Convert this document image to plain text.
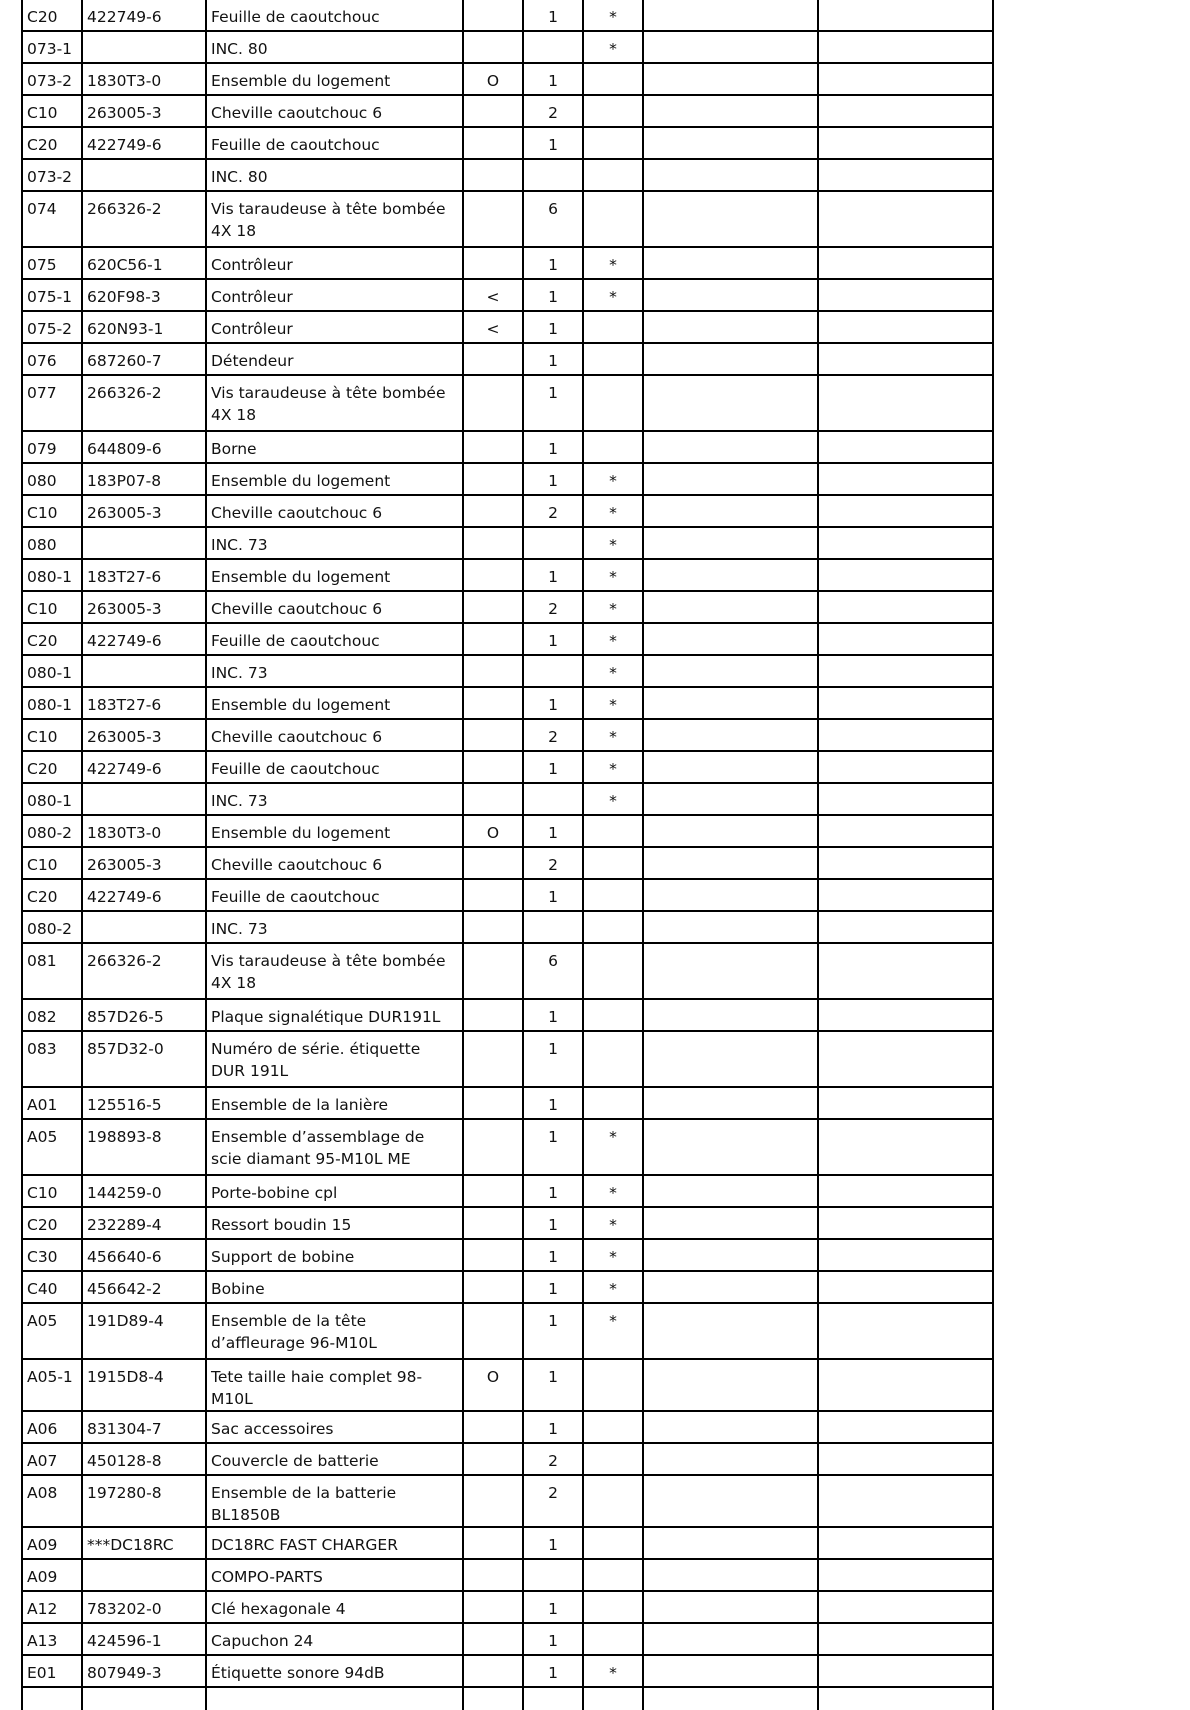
C20	422749-6	Feuille de caoutchouc		1	*		
073-1		INC. 80			*		
073-2	1830T3-0	Ensemble du logement	O	1			
C10	263005-3	Cheville caoutchouc 6		2			
C20	422749-6	Feuille de caoutchouc		1			
073-2		INC. 80					
074	266326-2	Vis taraudeuse à tête bombée 4X 18		6			
075	620C56-1	Contrôleur		1	*		
075-1	620F98-3	Contrôleur	<	1	*		
075-2	620N93-1	Contrôleur	<	1			
076	687260-7	Détendeur		1			
077	266326-2	Vis taraudeuse à tête bombée 4X 18		1			
079	644809-6	Borne		1			
080	183P07-8	Ensemble du logement		1	*		
C10	263005-3	Cheville caoutchouc 6		2	*		
080		INC. 73			*		
080-1	183T27-6	Ensemble du logement		1	*		
C10	263005-3	Cheville caoutchouc 6		2	*		
C20	422749-6	Feuille de caoutchouc		1	*		
080-1		INC. 73			*		
080-1	183T27-6	Ensemble du logement		1	*		
C10	263005-3	Cheville caoutchouc 6		2	*		
C20	422749-6	Feuille de caoutchouc		1	*		
080-1		INC. 73			*		
080-2	1830T3-0	Ensemble du logement	O	1			
C10	263005-3	Cheville caoutchouc 6		2			
C20	422749-6	Feuille de caoutchouc		1			
080-2		INC. 73					
081	266326-2	Vis taraudeuse à tête bombée 4X 18		6			
082	857D26-5	Plaque signalétique DUR191L		1			
083	857D32-0	Numéro de série. étiquette DUR 191L		1			
A01	125516-5	Ensemble de la lanière		1			
A05	198893-8	Ensemble d’assemblage de scie diamant 95-M10L ME		1	*		
C10	144259-0	Porte-bobine cpl		1	*		
C20	232289-4	Ressort boudin 15		1	*		
C30	456640-6	Support de bobine		1	*		
C40	456642-2	Bobine		1	*		
A05	191D89-4	Ensemble de la tête d’affleurage 96-M10L		1	*		
A05-1	1915D8-4	Tete taille haie complet 98-M10L	O	1			
A06	831304-7	Sac accessoires		1			
A07	450128-8	Couvercle de batterie		2			
A08	197280-8	Ensemble de la batterie BL1850B		2			
A09	***DC18RC	DC18RC FAST CHARGER		1			
A09		COMPO-PARTS					
A12	783202-0	Clé hexagonale 4		1			
A13	424596-1	Capuchon 24		1			
E01	807949-3	Étiquette sonore 94dB		1	*		
